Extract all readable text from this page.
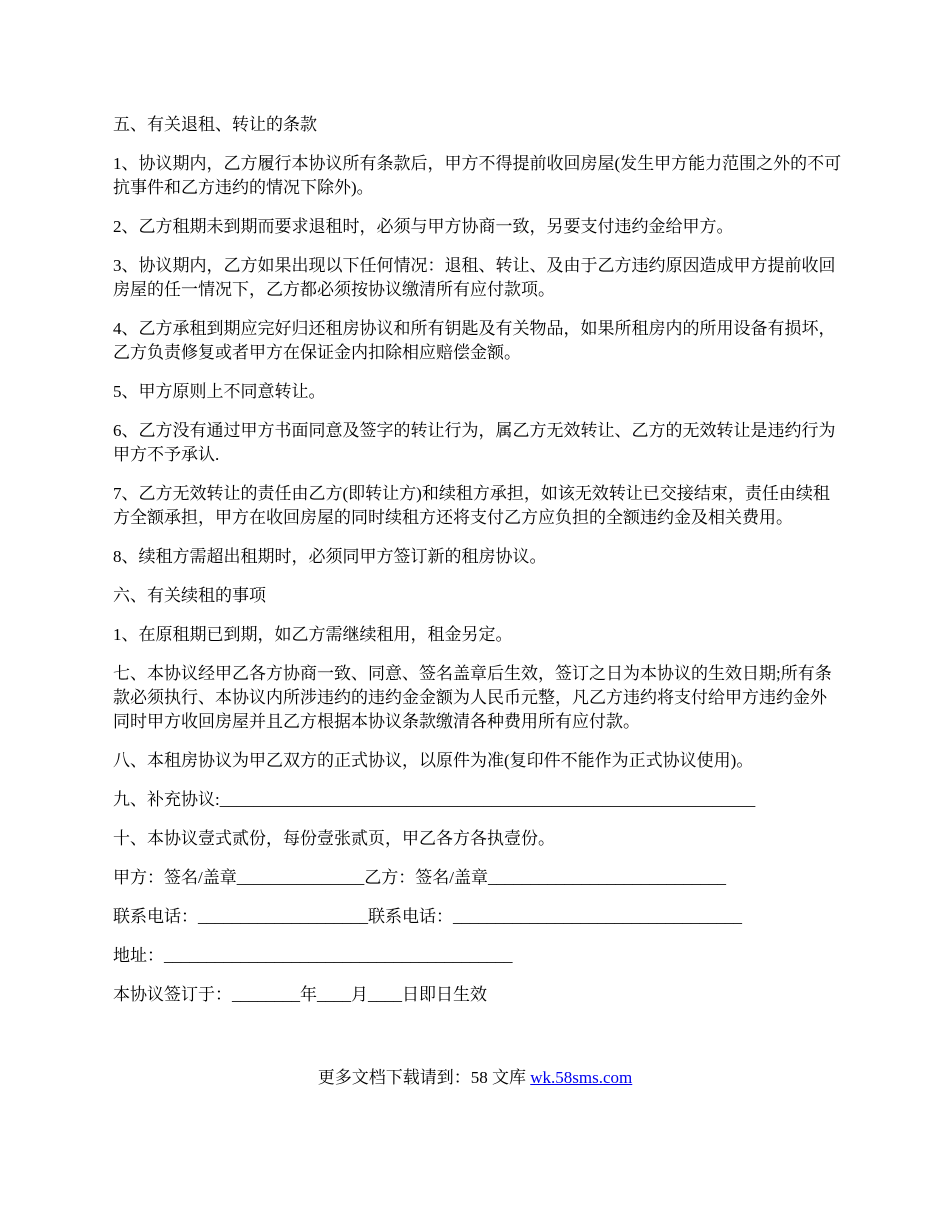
五、有关退租、转让的条款

1、协议期内，乙方履行本协议所有条款后，甲方不得提前收回房屋(发生甲方能力范围之外的不可抗事件和乙方违约的情况下除外)。

2、乙方租期未到期而要求退租时，必须与甲方协商一致，另要支付违约金给甲方。

3、协议期内，乙方如果出现以下任何情况：退租、转让、及由于乙方违约原因造成甲方提前收回房屋的任一情况下，乙方都必须按协议缴清所有应付款项。

4、乙方承租到期应完好归还租房协议和所有钥匙及有关物品，如果所租房内的所用设备有损坏，乙方负责修复或者甲方在保证金内扣除相应赔偿金额。

5、甲方原则上不同意转让。

6、乙方没有通过甲方书面同意及签字的转让行为，属乙方无效转让、乙方的无效转让是违约行为甲方不予承认.

7、乙方无效转让的责任由乙方(即转让方)和续租方承担，如该无效转让已交接结束，责任由续租方全额承担，甲方在收回房屋的同时续租方还将支付乙方应负担的全额违约金及相关费用。

8、续租方需超出租期时，必须同甲方签订新的租房协议。

六、有关续租的事项

1、在原租期已到期，如乙方需继续租用，租金另定。

七、本协议经甲乙各方协商一致、同意、签名盖章后生效，签订之日为本协议的生效日期;所有条款必须执行、本协议内所涉违约的违约金金额为人民币元整，凡乙方违约将支付给甲方违约金外同时甲方收回房屋并且乙方根据本协议条款缴清各种费用所有应付款。

八、本租房协议为甲乙双方的正式协议，以原件为准(复印件不能作为正式协议使用)。

九、补充协议:_______________________________________________________________

十、本协议壹式贰份，每份壹张贰页，甲乙各方各执壹份。

甲方：签名/盖章_______________乙方：签名/盖章____________________________

联系电话：____________________联系电话：__________________________________

地址：_________________________________________

本协议签订于：________年____月____日即日生效

更多文档下载请到：58 文库 wk.58sms.com
